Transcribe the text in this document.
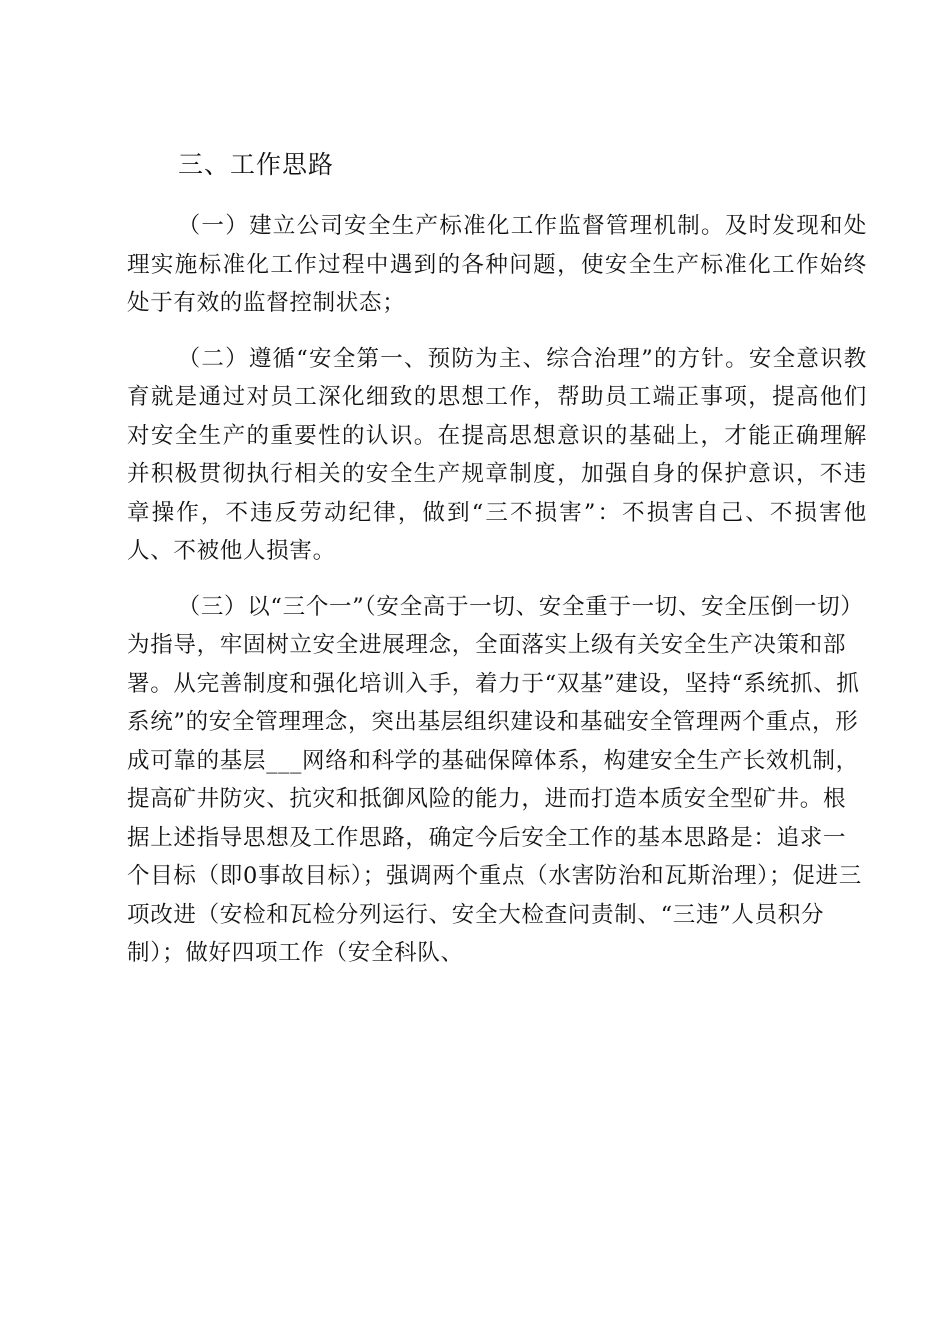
三、工作思路

（一）建立公司安全生产标准化工作监督管理机制。及时发现和处理实施标准化工作过程中遇到的各种问题，使安全生产标准化工作始终处于有效的监督控制状态；

（二）遵循“安全第一、预防为主、综合治理”的方针。安全意识教育就是通过对员工深化细致的思想工作，帮助员工端正事项，提高他们对安全生产的重要性的认识。在提高思想意识的基础上，才能正确理解并积极贯彻执行相关的安全生产规章制度，加强自身的保护意识，不违章操作，不违反劳动纪律，做到“三不损害”：不损害自己、不损害他人、不被他人损害。

（三）以“三个一”（安全高于一切、安全重于一切、安全压倒一切）为指导，牢固树立安全进展理念，全面落实上级有关安全生产决策和部署。从完善制度和强化培训入手，着力于“双基”建设，坚持“系统抓、抓系统”的安全管理理念，突出基层组织建设和基础安全管理两个重点，形成可靠的基层___网络和科学的基础保障体系，构建安全生产长效机制，提高矿井防灾、抗灾和抵御风险的能力，进而打造本质安全型矿井。根据上述指导思想及工作思路，确定今后安全工作的基本思路是：追求一个目标（即0事故目标）；强调两个重点（水害防治和瓦斯治理）；促进三项改进（安检和瓦检分列运行、安全大检查问责制、“三违”人员积分制）；做好四项工作（安全科队、
